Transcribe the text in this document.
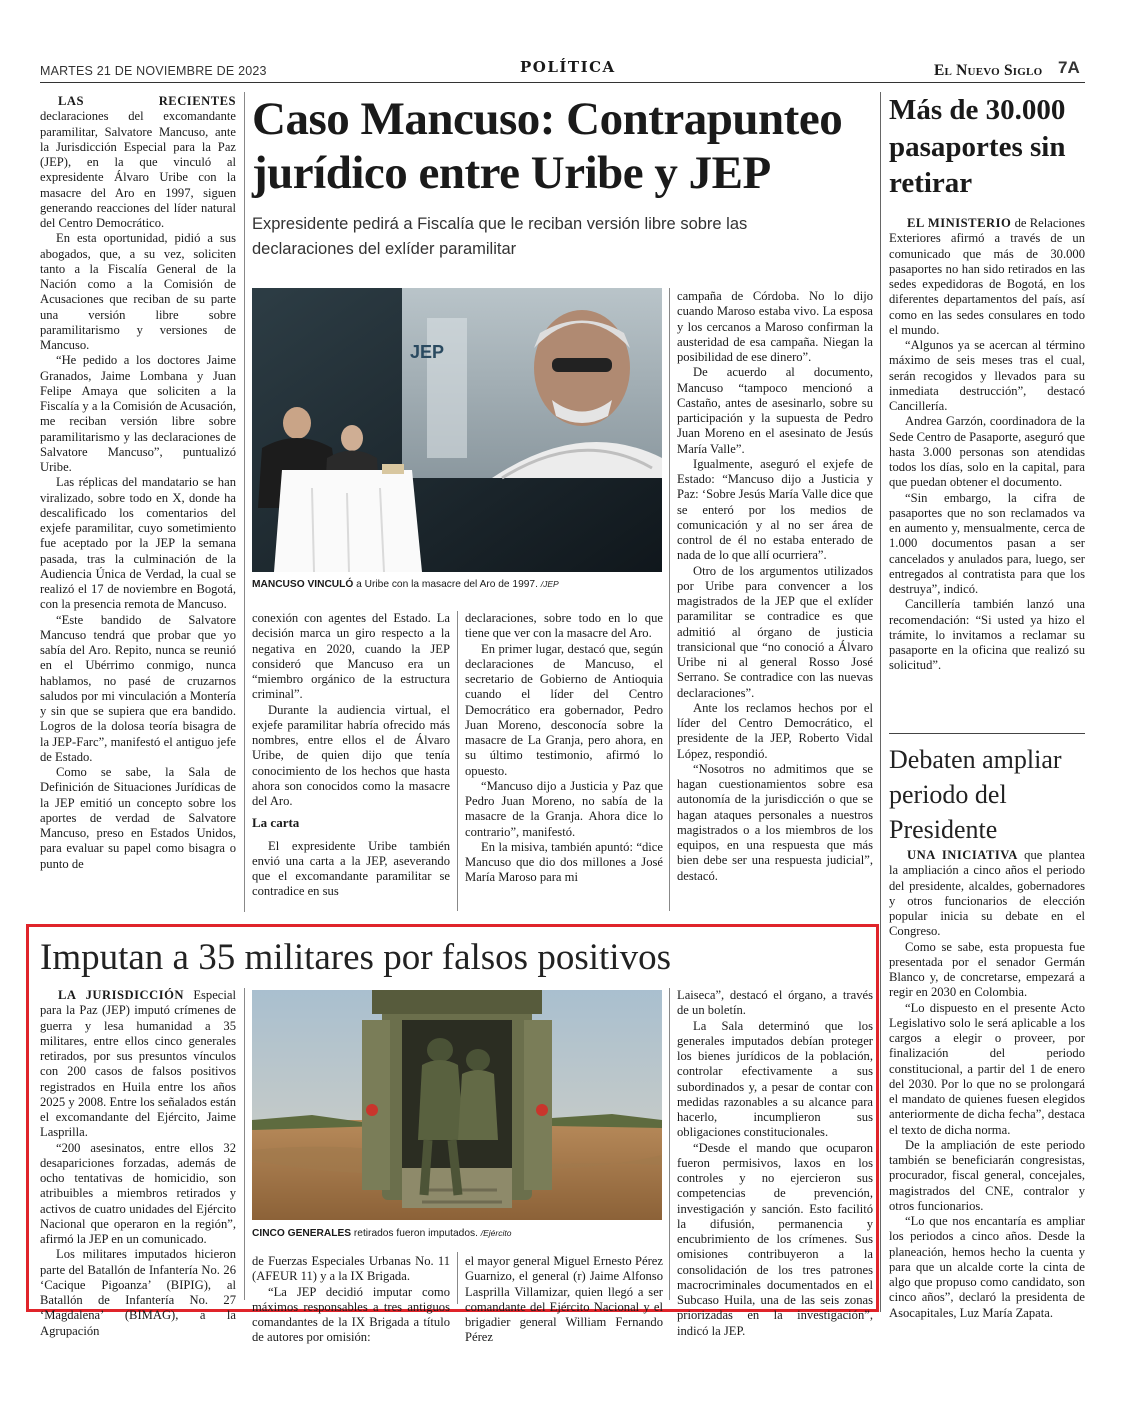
MARTES 21 DE NOVIEMBRE DE 2023	POLÍTICA	El Nuevo Siglo 7A

LAS RECIENTES declaraciones del excomandante paramilitar, Salvatore Mancuso, ante la Jurisdicción Especial para la Paz (JEP), en la que vinculó al expresidente Álvaro Uribe con la masacre del Aro en 1997, siguen generando reacciones del líder natural del Centro Democrático.

En esta oportunidad, pidió a sus abogados, que, a su vez, soliciten tanto a la Fiscalía General de la Nación como a la Comisión de Acusaciones que reciban de su parte una versión libre sobre paramilitarismo y versiones de Mancuso.

“He pedido a los doctores Jaime Granados, Jaime Lombana y Juan Felipe Amaya que soliciten a la Fiscalía y a la Comisión de Acusación, me reciban versión libre sobre paramilitarismo y las declaraciones de Salvatore Mancuso”, puntualizó Uribe.

Las réplicas del mandatario se han viralizado, sobre todo en X, donde ha descalificado los comentarios del exjefe paramilitar, cuyo sometimiento fue aceptado por la JEP la semana pasada, tras la culminación de la Audiencia Única de Verdad, la cual se realizó el 17 de noviembre en Bogotá, con la presencia remota de Mancuso.

“Este bandido de Salvatore Mancuso tendrá que probar que yo sabía del Aro. Repito, nunca se reunió en el Ubérrimo conmigo, nunca hablamos, no pasé de cruzarnos saludos por mi vinculación a Montería y sin que se supiera que era bandido. Logros de la dolosa teoría bisagra de la JEP-Farc”, manifestó el antiguo jefe de Estado.

Como se sabe, la Sala de Definición de Situaciones Jurídicas de la JEP emitió un concepto sobre los aportes de verdad de Salvatore Mancuso, preso en Estados Unidos, para evaluar su papel como bisagra o punto de

Caso Mancuso: Contrapunteo jurídico entre Uribe y JEP
Expresidente pedirá a Fiscalía que le reciban versión libre sobre las declaraciones del exlíder paramilitar
JEP
MANCUSO VINCULÓ a Uribe con la masacre del Aro de 1997. /JEP

conexión con agentes del Estado. La decisión marca un giro respecto a la negativa en 2020, cuando la JEP consideró que Mancuso era un “miembro orgánico de la estructura criminal”.

Durante la audiencia virtual, el exjefe paramilitar habría ofrecido más nombres, entre ellos el de Álvaro Uribe, de quien dijo que tenía conocimiento de los hechos que hasta ahora son conocidos como la masacre del Aro.

La carta

El expresidente Uribe también envió una carta a la JEP, aseverando que el excomandante paramilitar se contradice en sus

declaraciones, sobre todo en lo que tiene que ver con la masacre del Aro.

En primer lugar, destacó que, según declaraciones de Mancuso, el secretario de Gobierno de Antioquia cuando el líder del Centro Democrático era gobernador, Pedro Juan Moreno, desconocía sobre la masacre de La Granja, pero ahora, en su último testimonio, afirmó lo opuesto.

“Mancuso dijo a Justicia y Paz que Pedro Juan Moreno, no sabía de la masacre de la Granja. Ahora dice lo contrario”, manifestó.

En la misiva, también apuntó: “dice Mancuso que dio dos millones a José María Maroso para mi

campaña de Córdoba. No lo dijo cuando Maroso estaba vivo. La esposa y los cercanos a Maroso confirman la austeridad de esa campaña. Niegan la posibilidad de ese dinero”.

De acuerdo al documento, Mancuso “tampoco mencionó a Castaño, antes de asesinarlo, sobre su participación y la supuesta de Pedro Juan Moreno en el asesinato de Jesús María Valle”.

Igualmente, aseguró el exjefe de Estado: “Mancuso dijo a Justicia y Paz: ‘Sobre Jesús María Valle dice que se enteró por los medios de comunicación y al no ser área de control de él no estaba enterado de nada de lo que allí ocurriera”.

Otro de los argumentos utilizados por Uribe para convencer a los magistrados de la JEP que el exlíder paramilitar se contradice es que admitió al órgano de justicia transicional que “no conoció a Álvaro Uribe ni al general Rosso José Serrano. Se contradice con las nuevas declaraciones”.

Ante los reclamos hechos por el líder del Centro Democrático, el presidente de la JEP, Roberto Vidal López, respondió.

“Nosotros no admitimos que se hagan cuestionamientos sobre esa autonomía de la jurisdicción o que se hagan ataques personales a nuestros magistrados o a los miembros de los equipos, en una respuesta que más bien debe ser una respuesta judicial”, destacó.

Más de 30.000 pasaportes sin retirar

EL MINISTERIO de Relaciones Exteriores afirmó a través de un comunicado que más de 30.000 pasaportes no han sido retirados en las sedes expedidoras de Bogotá, en los diferentes departamentos del país, así como en las sedes consulares en todo el mundo.

“Algunos ya se acercan al término máximo de seis meses tras el cual, serán recogidos y llevados para su inmediata destrucción”, destacó Cancillería.

Andrea Garzón, coordinadora de la Sede Centro de Pasaporte, aseguró que hasta 3.000 personas son atendidas todos los días, solo en la capital, para que puedan obtener el documento.

“Sin embargo, la cifra de pasaportes que no son reclamados va en aumento y, mensualmente, cerca de 1.000 documentos pasan a ser cancelados y anulados para, luego, ser entregados al contratista para que los destruya”, indicó.

Cancillería también lanzó una recomendación: “Si usted ya hizo el trámite, lo invitamos a reclamar su pasaporte en la oficina que realizó su solicitud”.

Debaten ampliar periodo del Presidente

UNA INICIATIVA que plantea la ampliación a cinco años el periodo del presidente, alcaldes, gobernadores y otros funcionarios de elección popular inicia su debate en el Congreso.

Como se sabe, esta propuesta fue presentada por el senador Germán Blanco y, de concretarse, empezará a regir en 2030 en Colombia.

“Lo dispuesto en el presente Acto Legislativo solo le será aplicable a los cargos a elegir o proveer, por finalización del periodo constitucional, a partir del 1 de enero del 2030. Por lo que no se prolongará el mandato de quienes fuesen elegidos anteriormente de dicha fecha”, destaca el texto de dicha norma.

De la ampliación de este periodo también se beneficiarán congresistas, procurador, fiscal general, concejales, magistrados del CNE, contralor y otros funcionarios.

“Lo que nos encantaría es ampliar los periodos a cinco años. Desde la planeación, hemos hecho la cuenta y para que un alcalde corte la cinta de algo que propuso como candidato, son cinco años”, declaró la presidenta de Asocapitales, Luz María Zapata.

Imputan a 35 militares por falsos positivos

LA JURISDICCIÓN Especial para la Paz (JEP) imputó crímenes de guerra y lesa humanidad a 35 militares, entre ellos cinco generales retirados, por sus presuntos vínculos con 200 casos de falsos positivos registrados en Huila entre los años 2025 y 2008. Entre los señalados están el excomandante del Ejército, Jaime Lasprilla.

“200 asesinatos, entre ellos 32 desapariciones forzadas, además de ocho tentativas de homicidio, son atribuibles a miembros retirados y activos de cuatro unidades del Ejército Nacional que operaron en la región”, afirmó la JEP en un comunicado.

Los militares imputados hicieron parte del Batallón de Infantería No. 26 ‘Cacique Pigoanza’ (BIPIG), al Batallón de Infantería No. 27 ‘Magdalena’ (BIMAG), a la Agrupación

CINCO GENERALES retirados fueron imputados. /Ejército

de Fuerzas Especiales Urbanas No. 11 (AFEUR 11) y a la IX Brigada.

“La JEP decidió imputar como máximos responsables a tres antiguos comandantes de la IX Brigada a título de autores por omisión:

el mayor general Miguel Ernesto Pérez Guarnizo, el general (r) Jaime Alfonso Lasprilla Villamizar, quien llegó a ser comandante del Ejército Nacional y el brigadier general William Fernando Pérez

Laiseca”, destacó el órgano, a través de un boletín.

La Sala determinó que los generales imputados debían proteger los bienes jurídicos de la población, controlar efectivamente a sus subordinados y, a pesar de contar con medidas razonables a su alcance para hacerlo, incumplieron sus obligaciones constitucionales.

“Desde el mando que ocuparon fueron permisivos, laxos en los controles y no ejercieron sus competencias de prevención, investigación y sanción. Esto facilitó la difusión, permanencia y encubrimiento de los crímenes. Sus omisiones contribuyeron a la consolidación de los tres patrones macrocriminales documentados en el Subcaso Huila, una de las seis zonas priorizadas en la investigación”, indicó la JEP.
